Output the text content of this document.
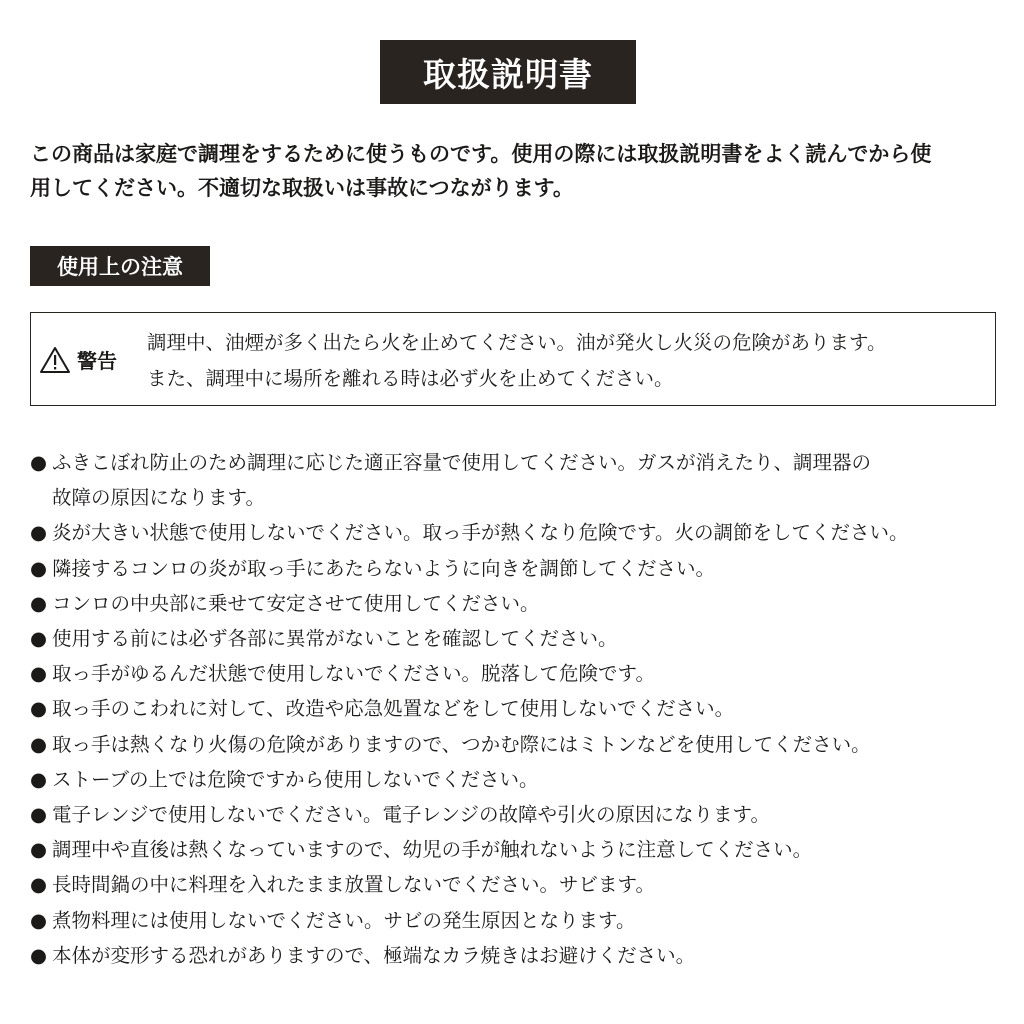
取扱説明書
この商品は家庭で調理をするために使うものです。使用の際には取扱説明書をよく読んでから使
用してください。不適切な取扱いは事故につながります。
使用上の注意
警告
調理中、油煙が多く出たら火を止めてください。油が発火し火災の危険があります。
また、調理中に場所を離れる時は必ず火を止めてください。
● ふきこぼれ防止のため調理に応じた適正容量で使用してください。ガスが消えたり、調理器の
故障の原因になります。
● 炎が大きい状態で使用しないでください。取っ手が熱くなり危険です。火の調節をしてください。
● 隣接するコンロの炎が取っ手にあたらないように向きを調節してください。
● コンロの中央部に乗せて安定させて使用してください。
● 使用する前には必ず各部に異常がないことを確認してください。
● 取っ手がゆるんだ状態で使用しないでください。脱落して危険です。
● 取っ手のこわれに対して、改造や応急処置などをして使用しないでください。
● 取っ手は熱くなり火傷の危険がありますので、つかむ際にはミトンなどを使用してください。
● ストーブの上では危険ですから使用しないでください。
● 電子レンジで使用しないでください。電子レンジの故障や引火の原因になります。
● 調理中や直後は熱くなっていますので、幼児の手が触れないように注意してください。
● 長時間鍋の中に料理を入れたまま放置しないでください。サビます。
● 煮物料理には使用しないでください。サビの発生原因となります。
● 本体が変形する恐れがありますので、極端なカラ焼きはお避けください。
